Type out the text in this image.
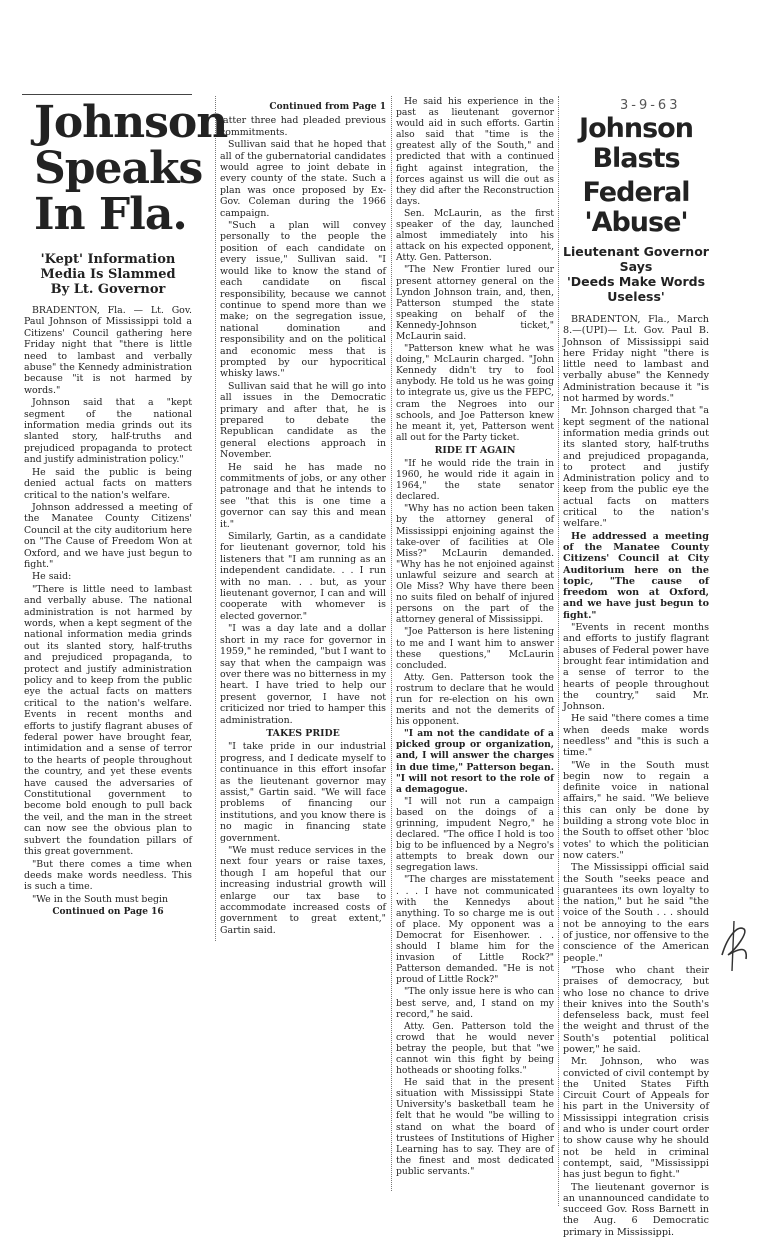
Johnson
Speaks
In Fla.
'Kept' Information
Media Is Slammed
By Lt. Governor

BRADENTON, Fla. — Lt. Gov. Paul Johnson of Mississippi told a Citizens' Council gathering here Friday night that "there is little need to lambast and verbally abuse" the Kennedy administration because "it is not harmed by words."

Johnson said that a "kept segment of the national information media grinds out its slanted story, half-truths and prejudiced propaganda to protect and justify administration policy."

He said the public is being denied actual facts on matters critical to the nation's welfare.

Johnson addressed a meeting of the Manatee County Citizens' Council at the city auditorium here on "The Cause of Freedom Won at Oxford, and we have just begun to fight."

He said:

"There is little need to lambast and verbally abuse. The national administration is not harmed by words, when a kept segment of the national information media grinds out its slanted story, half-truths and prejudiced propaganda, to protect and justify administration policy and to keep from the public eye the actual facts on matters critical to the nation's welfare. Events in recent months and efforts to justify flagrant abuses of federal power have brought fear, intimidation and a sense of terror to the hearts of people throughout the country, and yet these events have caused the adversaries of Constitutional government to become bold enough to pull back the veil, and the man in the street can now see the obvious plan to subvert the foundation pillars of this great government.

"But there comes a time when deeds make words needless. This is such a time.

"We in the South must begin

Continued on Page 16
Continued from Page 1

latter three had pleaded previous commitments.

Sullivan said that he hoped that all of the gubernatorial candidates would agree to joint debate in every county of the state. Such a plan was once proposed by Ex-Gov. Coleman during the 1966 campaign.

"Such a plan will convey personally to the people the position of each candidate on every issue," Sullivan said. "I would like to know the stand of each candidate on fiscal responsibility, because we cannot continue to spend more than we make; on the segregation issue, national domination and responsibility and on the political and economic mess that is prompted by our hypocritical whisky laws."

Sullivan said that he will go into all issues in the Democratic primary and after that, he is prepared to debate the Republican candidate as the general elections approach in November.

He said he has made no commitments of jobs, or any other patronage and that he intends to see "that this is one time a governor can say this and mean it."

Similarly, Gartin, as a candidate for lieutenant governor, told his listeners that "I am running as an independent candidate. . . I run with no man. . . but, as your lieutenant governor, I can and will cooperate with whomever is elected governor."

"I was a day late and a dollar short in my race for governor in 1959," he reminded, "but I want to say that when the campaign was over there was no bitterness in my heart. I have tried to help our present governor, I have not criticized nor tried to hamper this administration.

TAKES PRIDE

"I take pride in our industrial progress, and I dedicate myself to continuance in this effort insofar as the lieutenant governor may assist," Gartin said. "We will face problems of financing our institutions, and you know there is no magic in financing state government.

"We must reduce services in the next four years or raise taxes, though I am hopeful that our increasing industrial growth will enlarge our tax base to accommodate increased costs of government to great extent," Gartin said.

He said his experience in the past as lieutenant governor would aid in such efforts. Gartin also said that "time is the greatest ally of the South," and predicted that with a continued fight against integration, the forces against us will die out as they did after the Reconstruction days.

Sen. McLaurin, as the first speaker of the day, launched almost immediately into his attack on his expected opponent, Atty. Gen. Patterson.

"The New Frontier lured our present attorney general on the Lyndon Johnson train, and, then, Patterson stumped the state speaking on behalf of the Kennedy-Johnson ticket," McLaurin said.

"Patterson knew what he was doing," McLaurin charged. "John Kennedy didn't try to fool anybody. He told us he was going to integrate us, give us the FEPC, cram the Negroes into our schools, and Joe Patterson knew he meant it, yet, Patterson went all out for the Party ticket.

RIDE IT AGAIN

"If he would ride the train in 1960, he would ride it again in 1964," the state senator declared.

"Why has no action been taken by the attorney general of Mississippi enjoining against the take-over of facilities at Ole Miss?" McLaurin demanded. "Why has he not enjoined against unlawful seizure and search at Ole Miss? Why have there been no suits filed on behalf of injured persons on the part of the attorney general of Mississippi.

"Joe Patterson is here listening to me and I want him to answer these questions," McLaurin concluded.

Atty. Gen. Patterson took the rostrum to declare that he would run for re-election on his own merits and not the demerits of his opponent.

"I am not the candidate of a picked group or organization, and, I will answer the charges in due time," Patterson began. "I will not resort to the role of a demagogue.

"I will not run a campaign based on the doings of a grinning, impudent Negro," he declared. "The office I hold is too big to be influenced by a Negro's attempts to break down our segregation laws.

"The charges are misstatement . . . I have not communicated with the Kennedys about anything. To so charge me is out of place. My opponent was a Democrat for Eisenhower. . . should I blame him for the invasion of Little Rock?" Patterson demanded. "He is not proud of Little Rock?"

"The only issue here is who can best serve, and, I stand on my record," he said.

Atty. Gen. Patterson told the crowd that he would never betray the people, but that "we cannot win this fight by being hotheads or shooting folks."

He said that in the present situation with Mississippi State University's basketball team he felt that he would "be willing to stand on what the board of trustees of Institutions of Higher Learning has to say. They are of the finest and most dedicated public servants."

3-9-63
Johnson Blasts
Federal 'Abuse'
Lieutenant Governor Says
'Deeds Make Words
Useless'

BRADENTON, Fla., March 8.—(UPI)— Lt. Gov. Paul B. Johnson of Mississippi said here Friday night "there is little need to lambast and verbally abuse" the Kennedy Administration because it "is not harmed by words."

Mr. Johnson charged that "a kept segment of the national information media grinds out its slanted story, half-truths and prejudiced propaganda, to protect and justify Administration policy and to keep from the public eye the actual facts on matters critical to the nation's welfare."

He addressed a meeting of the Manatee County Citizens' Council at City Auditorium here on the topic, "The cause of freedom won at Oxford, and we have just begun to fight."

"Events in recent months and efforts to justify flagrant abuses of Federal power have brought fear intimidation and a sense of terror to the hearts of people throughout the country," said Mr. Johnson.

He said "there comes a time when deeds make words needless" and "this is such a time."

"We in the South must begin now to regain a definite voice in national affairs," he said. "We believe this can only be done by building a strong vote bloc in the South to offset other 'bloc votes' to which the politician now caters."

The Mississippi official said the South "seeks peace and guarantees its own loyalty to the nation," but he said "the voice of the South . . . should not be annoying to the ears of justice, nor offensive to the conscience of the American people."

"Those who chant their praises of democracy, but who lose no chance to drive their knives into the South's defenseless back, must feel the weight and thrust of the South's potential political power," he said.

Mr. Johnson, who was convicted of civil contempt by the United States Fifth Circuit Court of Appeals for his part in the University of Mississippi integration crisis and who is under court order to show cause why he should not be held in criminal contempt, said, "Mississippi has just begun to fight."

The lieutenant governor is an unannounced candidate to succeed Gov. Ross Barnett in the Aug. 6 Democratic primary in Mississippi.
